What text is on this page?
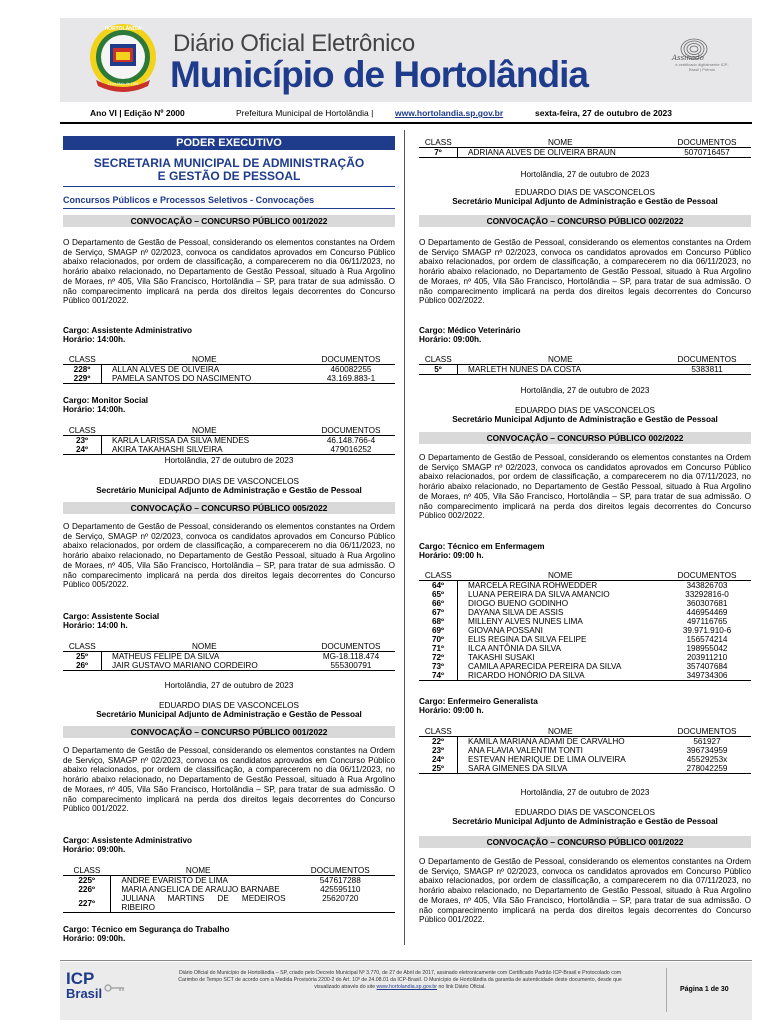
19 de Maio de 1991
HORTOLÂNDIA
Diário Oficial Eletrônico
Município de Hortolândia	Assinado
é certificado digitalmente ICP-Brasil | Prêmio
Ano VI | Edição Nº 2000	Prefeitura Municipal de Hortolândia |	www.hortolandia.sp.gov.br	sexta-feira, 27 de outubro de 2023
PODER EXECUTIVO
SECRETARIA MUNICIPAL DE ADMINISTRAÇÃO E GESTÃO DE PESSOAL
Concursos Públicos e Processos Seletivos - Convocações
CONVOCAÇÃO – CONCURSO PÚBLICO 001/2022
O Departamento de Gestão de Pessoal, considerando os elementos constantes na Ordem de Serviço, SMAGP nº 02/2023, convoca os candidatos aprovados em Concurso Público abaixo relacionados, por ordem de classificação, a comparecerem no dia 06/11/2023, no horário abaixo relacionado, no Departamento de Gestão Pessoal, situado à Rua Argolino de Moraes, nº 405, Vila São Francisco, Hortolândia – SP, para tratar de sua admissão. O não comparecimento implicará na perda dos direitos legais decorrentes do Concurso Público 001/2022.
Cargo: Assistente Administrativo
Horário: 14:00h.
CLASS	NOME	DOCUMENTOS
228º	ALLAN ALVES DE OLIVEIRA	460082255
229º	PAMELA SANTOS DO NASCIMENTO	43.169.883-1
Cargo: Monitor Social
Horário: 14:00h.
CLASS	NOME	DOCUMENTOS
23º	KARLA LARISSA DA SILVA MENDES	46.148.766-4
24º	AKIRA TAKAHASHI SILVEIRA	479016252
Hortolândia, 27 de outubro de 2023
EDUARDO DIAS DE VASCONCELOS
Secretário Municipal Adjunto de Administração e Gestão de Pessoal
CONVOCAÇÃO – CONCURSO PÚBLICO 005/2022
O Departamento de Gestão de Pessoal, considerando os elementos constantes na Ordem de Serviço, SMAGP nº 02/2023, convoca os candidatos aprovados em Concurso Público abaixo relacionados, por ordem de classificação, a comparecerem no dia 06/11/2023, no horário abaixo relacionado, no Departamento de Gestão Pessoal, situado à Rua Argolino de Moraes, nº 405, Vila São Francisco, Hortolândia – SP, para tratar de sua admissão. O não comparecimento implicará na perda dos direitos legais decorrentes do Concurso Público 005/2022.
Cargo: Assistente Social
Horário: 14:00 h.
CLASS	NOME	DOCUMENTOS
25º	MATHEUS FELIPE DA SILVA	MG-18.118.474
26º	JAIR GUSTAVO MARIANO CORDEIRO	555300791
Hortolândia, 27 de outubro de 2023
EDUARDO DIAS DE VASCONCELOS
Secretário Municipal Adjunto de Administração e Gestão de Pessoal
CONVOCAÇÃO – CONCURSO PÚBLICO 001/2022
O Departamento de Gestão de Pessoal, considerando os elementos constantes na Ordem de Serviço, SMAGP nº 02/2023, convoca os candidatos aprovados em Concurso Público abaixo relacionados, por ordem de classificação, a comparecerem no dia 06/11/2023, no horário abaixo relacionado, no Departamento de Gestão Pessoal, situado à Rua Argolino de Moraes, nº 405, Vila São Francisco, Hortolândia – SP, para tratar de sua admissão. O não comparecimento implicará na perda dos direitos legais decorrentes do Concurso Público 001/2022.
Cargo: Assistente Administrativo
Horário: 09:00h.
CLASS	NOME	DOCUMENTOS
225º	ANDRE EVARISTO DE LIMA	547617288
226º	MARIA ANGELICA DE ARAUJO BARNABE	425595110
227º	JULIANA MARTINS DE MEDEIROS RIBEIRO	25620720
Cargo: Técnico em Segurança do Trabalho
Horário: 09:00h.
CLASS	NOME	DOCUMENTOS
7º	ADRIANA ALVES DE OLIVEIRA BRAUN	5070716457
Hortolândia, 27 de outubro de 2023
EDUARDO DIAS DE VASCONCELOS
Secretário Municipal Adjunto de Administração e Gestão de Pessoal
CONVOCAÇÃO – CONCURSO PÚBLICO 002/2022
O Departamento de Gestão de Pessoal, considerando os elementos constantes na Ordem de Serviço SMAGP nº 02/2023, convoca os candidatos aprovados em Concurso Público abaixo relacionados, por ordem de classificação, a comparecerem no dia 06/11/2023, no horário abaixo relacionado, no Departamento de Gestão Pessoal, situado à Rua Argolino de Moraes, nº 405, Vila São Francisco, Hortolândia – SP, para tratar de sua admissão. O não comparecimento implicará na perda dos direitos legais decorrentes do Concurso Público 002/2022.
Cargo: Médico Veterinário
Horário: 09:00h.
CLASS	NOME	DOCUMENTOS
5º	MARLETH NUNES DA COSTA	5383811
Hortolândia, 27 de outubro de 2023
EDUARDO DIAS DE VASCONCELOS
Secretário Municipal Adjunto de Administração e Gestão de Pessoal
CONVOCAÇÃO – CONCURSO PÚBLICO 002/2022
O Departamento de Gestão de Pessoal, considerando os elementos constantes na Ordem de Serviço SMAGP nº 02/2023, convoca os candidatos aprovados em Concurso Público abaixo relacionados, por ordem de classificação, a comparecerem no dia 07/11/2023, no horário abaixo relacionado, no Departamento de Gestão Pessoal, situado à Rua Argolino de Moraes, nº 405, Vila São Francisco, Hortolândia – SP, para tratar de sua admissão. O não comparecimento implicará na perda dos direitos legais decorrentes do Concurso Público 002/2022.
Cargo: Técnico em Enfermagem
Horário: 09:00 h.
CLASS	NOME	DOCUMENTOS
64º	MARCELA REGINA ROHWEDDER	343826703
65º	LUANA PEREIRA DA SILVA AMANCIO	33292816-0
66º	DIOGO BUENO GODINHO	360307681
67º	DAYANA SILVA DE ASSIS	446954469
68º	MILLENY ALVES NUNES LIMA	497116765
69º	GIOVANA POSSANI	39.971.910-6
70º	ELIS REGINA DA SILVA FELIPE	156574214
71º	ILCA ANTÔNIA DA SILVA	198955042
72º	TAKASHI SUSAKI	203911210
73º	CAMILA APARECIDA PEREIRA DA SILVA	357407684
74º	RICARDO HONÓRIO DA SILVA	349734306
Cargo: Enfermeiro Generalista
Horário: 09:00 h.
CLASS	NOME	DOCUMENTOS
22º	KAMILA MARIANA ADAMI DE CARVALHO	561927
23º	ANA FLAVIA VALENTIM TONTI	396734959
24º	ESTEVAN HENRIQUE DE LIMA OLIVEIRA	45529253x
25º	SARA GIMENES DA SILVA	278042259
Hortolândia, 27 de outubro de 2023
EDUARDO DIAS DE VASCONCELOS
Secretário Municipal Adjunto de Administração e Gestão de Pessoal
CONVOCAÇÃO – CONCURSO PÚBLICO 001/2022
O Departamento de Gestão de Pessoal, considerando os elementos constantes na Ordem de Serviço, SMAGP nº 02/2023, convoca os candidatos aprovados em Concurso Público abaixo relacionados, por ordem de classificação, a comparecerem no dia 07/11/2023, no horário abaixo relacionado, no Departamento de Gestão Pessoal, situado à Rua Argolino de Moraes, nº 405, Vila São Francisco, Hortolândia – SP, para tratar de sua admissão. O não comparecimento implicará na perda dos direitos legais decorrentes do Concurso Público 001/2022.
ICP
Brasil
Diário Oficial do Município de Hortolândia – SP, criado pelo Decreto Municipal Nº 3.770, de 27 de Abril de 2017, assinado eletronicamente com Certificado Padrão ICP-Brasil e Protocolado com
Carimbo de Tempo SCT de acordo com a Medida Provisória 2200-2 do Art. 10º de 24.08.01 da ICP-Brasil. O Município de Hortolândia da garantia de autenticidade deste documento, desde que
visualizado através do site www.hortolandia.sp.gov.br no link Diário Oficial.	Página 1 de 30
